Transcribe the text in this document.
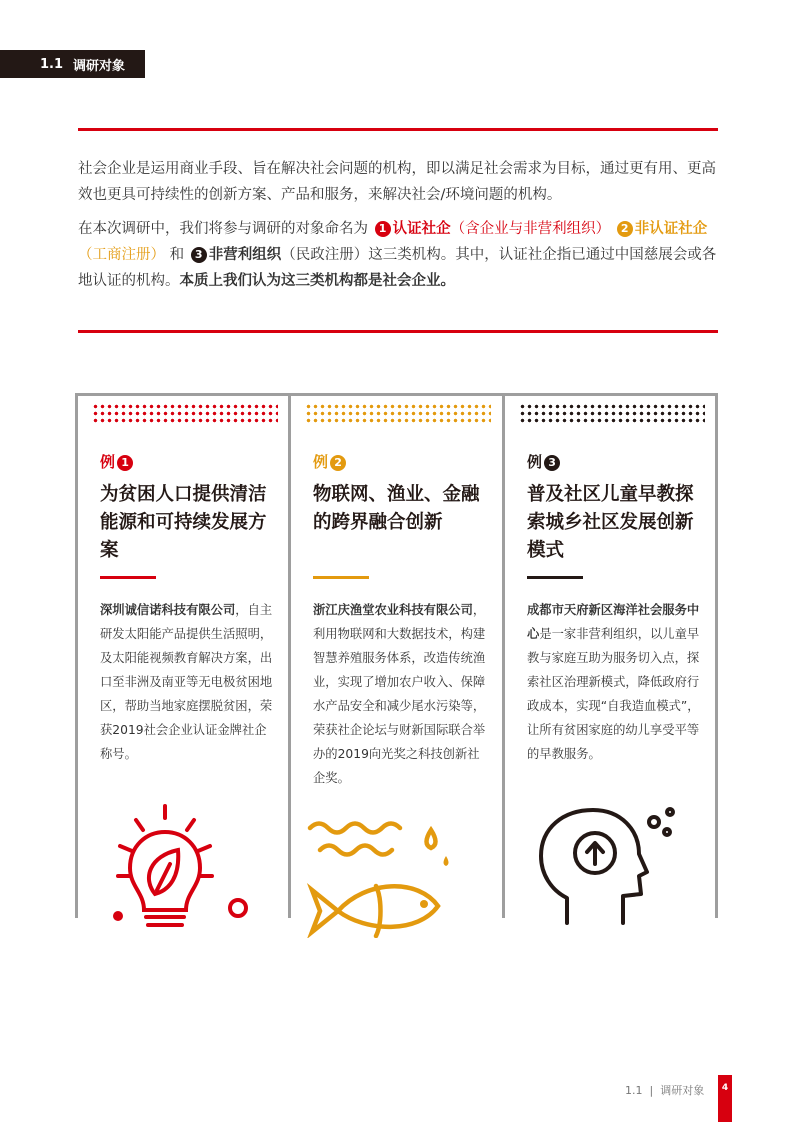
1.1 调研对象

社会企业是运用商业手段、旨在解决社会问题的机构，即以满足社会需求为目标，通过更有用、更高效也更具可持续性的创新方案、产品和服务，来解决社会/环境问题的机构。

在本次调研中，我们将参与调研的对象命名为 1 认证社企（含企业与非营利组织） 2 非认证社企（工商注册） 和 3 非营利组织（民政注册）这三类机构。其中，认证社企指已通过中国慈展会或各地认证的机构。本质上我们认为这三类机构都是社会企业。

例 1
为贫困人口提供清洁能源和可持续发展方案
深圳诚信诺科技有限公司，自主研发太阳能产品提供生活照明，及太阳能视频教育解决方案，出口至非洲及南亚等无电极贫困地区，帮助当地家庭摆脱贫困，荣获2019社会企业认证金牌社企称号。
例 2
物联网、渔业、金融的跨界融合创新
浙江庆渔堂农业科技有限公司，利用物联网和大数据技术，构建智慧养殖服务体系，改造传统渔业，实现了增加农户收入、保障水产品安全和减少尾水污染等，荣获社企论坛与财新国际联合举办的2019向光奖之科技创新社企奖。
例 3
普及社区儿童早教探索城乡社区发展创新模式
成都市天府新区海洋社会服务中心是一家非营利组织，以儿童早教与家庭互助为服务切入点，探索社区治理新模式，降低政府行政成本，实现“自我造血模式”，让所有贫困家庭的幼儿享受平等的早教服务。
1.1 | 调研对象	4
